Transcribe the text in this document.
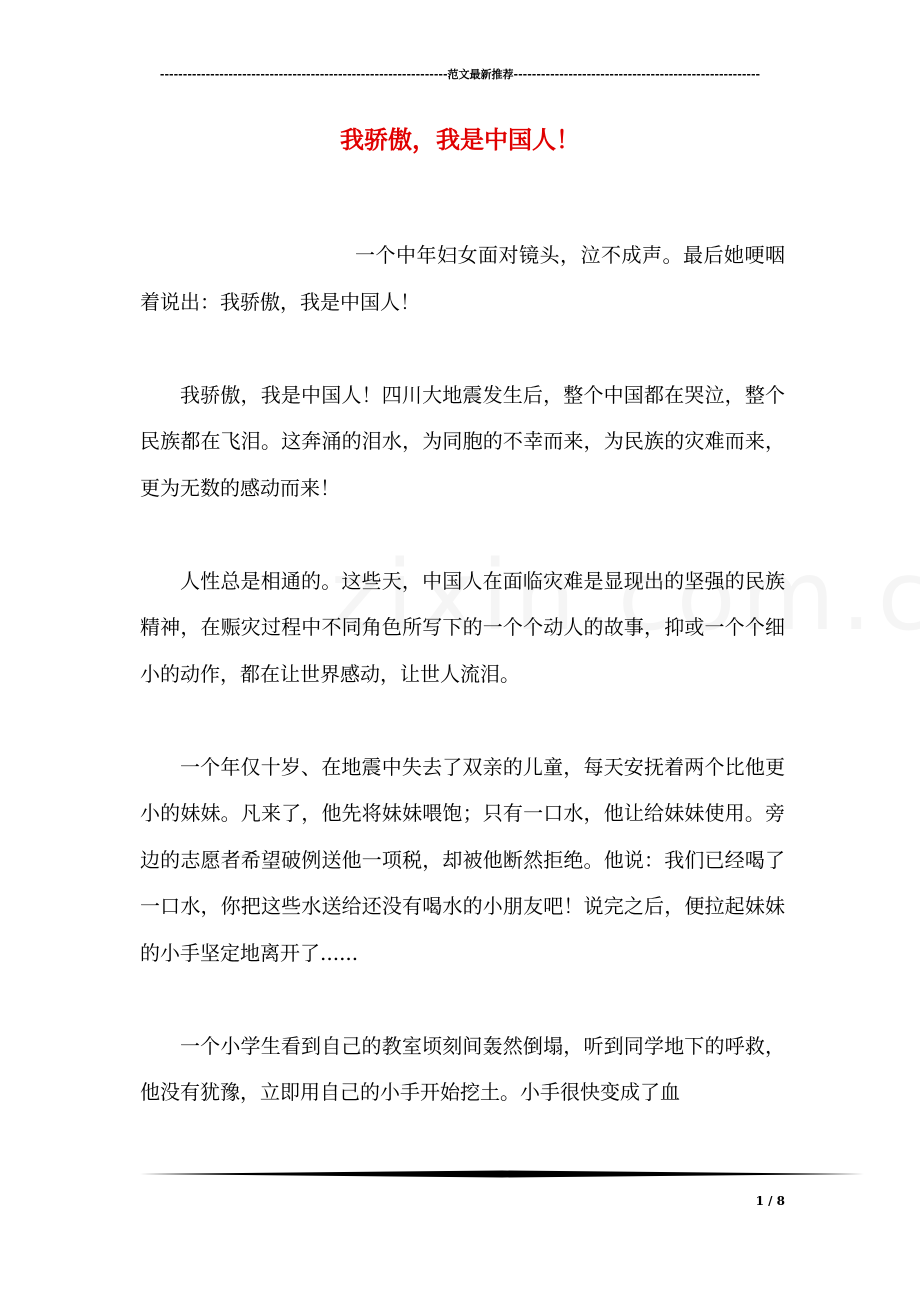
---------------------------------------------------------------范文最新推荐------------------------------------------------------
我骄傲，我是中国人！

一个中年妇女面对镜头，泣不成声。最后她哽咽着说出：我骄傲，我是中国人！

我骄傲，我是中国人！四川大地震发生后，整个中国都在哭泣，整个民族都在飞泪。这奔涌的泪水，为同胞的不幸而来，为民族的灾难而来，更为无数的感动而来！

人性总是相通的。这些天，中国人在面临灾难是显现出的坚强的民族精神，在赈灾过程中不同角色所写下的一个个动人的故事，抑或一个个细小的动作，都在让世界感动，让世人流泪。

一个年仅十岁、在地震中失去了双亲的儿童，每天安抚着两个比他更小的妹妹。凡来了，他先将妹妹喂饱；只有一口水，他让给妹妹使用。旁边的志愿者希望破例送他一项税，却被他断然拒绝。他说：我们已经喝了一口水，你把这些水送给还没有喝水的小朋友吧！说完之后，便拉起妹妹的小手坚定地离开了......

一个小学生看到自己的教室顷刻间轰然倒塌，听到同学地下的呼救，他没有犹豫，立即用自己的小手开始挖土。小手很快变成了血

1 / 8
